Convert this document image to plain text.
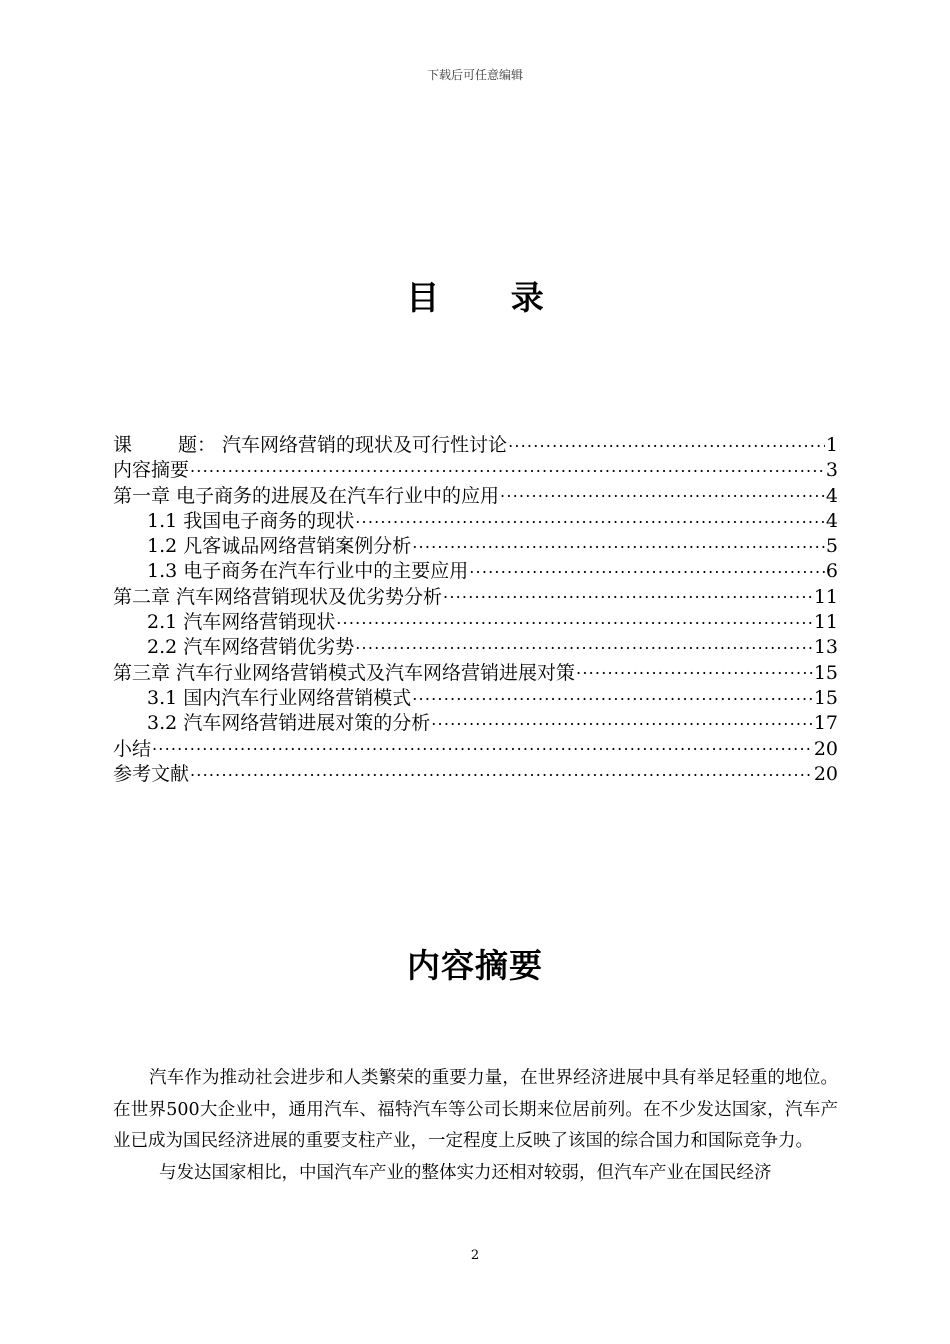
下载后可任意编辑
目 录
课 题： 汽车网络营销的现状及可行性讨论 .....	1
内容摘要 .....	3
第一章 电子商务的进展及在汽车行业中的应用 .....	4
1.1 我国电子商务的现状 .....	4
1.2 凡客诚品网络营销案例分析 .....	5
1.3 电子商务在汽车行业中的主要应用 .....	6
第二章 汽车网络营销现状及优劣势分析 .....	11
2.1 汽车网络营销现状 .....	11
2.2 汽车网络营销优劣势 .....	13
第三章 汽车行业网络营销模式及汽车网络营销进展对策 .....	15
3.1 国内汽车行业网络营销模式 .....	15
3.2 汽车网络营销进展对策的分析 .....	17
小结 .....	20
参考文献 .....	20
内容摘要

汽车作为推动社会进步和人类繁荣的重要力量，在世界经济进展中具有举足轻重的地位。在世界500大企业中，通用汽车、福特汽车等公司长期来位居前列。在不少发达国家，汽车产业已成为国民经济进展的重要支柱产业，一定程度上反映了该国的综合国力和国际竞争力。

与发达国家相比，中国汽车产业的整体实力还相对较弱，但汽车产业在国民经济

2
